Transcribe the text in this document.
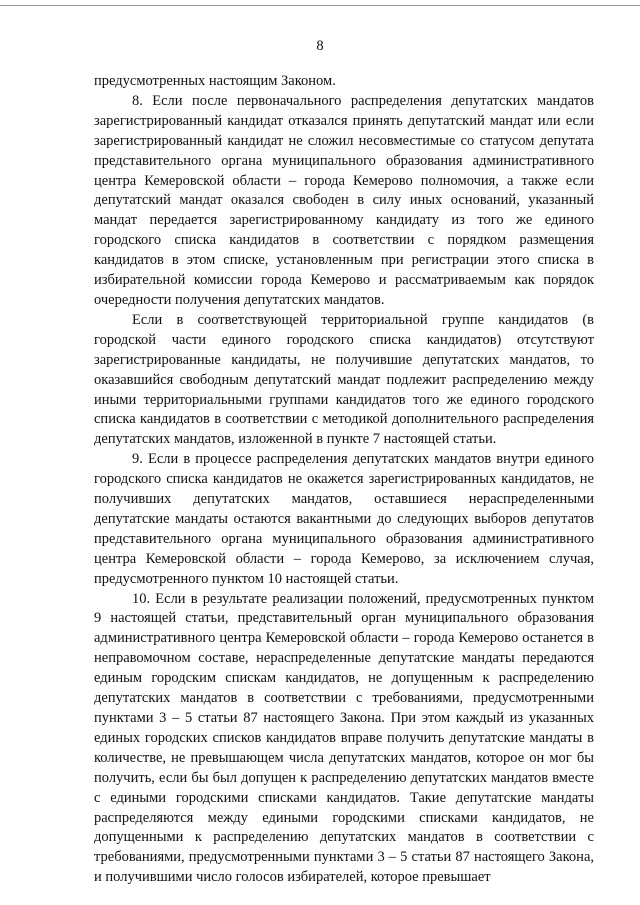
8

предусмотренных настоящим Законом.

8. Если после первоначального распределения депутатских мандатов зарегистрированный кандидат отказался принять депутатский мандат или если зарегистрированный кандидат не сложил несовместимые со статусом депутата представительного органа муниципального образования административного центра Кемеровской области – города Кемерово полномочия, а также если депутатский мандат оказался свободен в силу иных оснований, указанный мандат передается зарегистрированному кандидату из того же единого городского списка кандидатов в соответствии с порядком размещения кандидатов в этом списке, установленным при регистрации этого списка в избирательной комиссии города Кемерово и рассматриваемым как порядок очередности получения депутатских мандатов.

Если в соответствующей территориальной группе кандидатов (в городской части единого городского списка кандидатов) отсутствуют зарегистрированные кандидаты, не получившие депутатских мандатов, то оказавшийся свободным депутатский мандат подлежит распределению между иными территориальными группами кандидатов того же единого городского списка кандидатов в соответствии с методикой дополнительного распределения депутатских мандатов, изложенной в пункте 7 настоящей статьи.

9. Если в процессе распределения депутатских мандатов внутри единого городского списка кандидатов не окажется зарегистрированных кандидатов, не получивших депутатских мандатов, оставшиеся нераспределенными депутатские мандаты остаются вакантными до следующих выборов депутатов представительного органа муниципального образования административного центра Кемеровской области – города Кемерово, за исключением случая, предусмотренного пунктом 10 настоящей статьи.

10. Если в результате реализации положений, предусмотренных пунктом 9 настоящей статьи, представительный орган муниципального образования административного центра Кемеровской области – города Кемерово останется в неправомочном составе, нераспределенные депутатские мандаты передаются единым городским спискам кандидатов, не допущенным к распределению депутатских мандатов в соответствии с требованиями, предусмотренными пунктами 3 – 5 статьи 87 настоящего Закона. При этом каждый из указанных единых городских списков кандидатов вправе получить депутатские мандаты в количестве, не превышающем числа депутатских мандатов, которое он мог бы получить, если бы был допущен к распределению депутатских мандатов вместе с едиными городскими списками кандидатов. Такие депутатские мандаты распределяются между едиными городскими списками кандидатов, не допущенными к распределению депутатских мандатов в соответствии с требованиями, предусмотренными пунктами 3 – 5 статьи 87 настоящего Закона, и получившими число голосов избирателей, которое превышает
